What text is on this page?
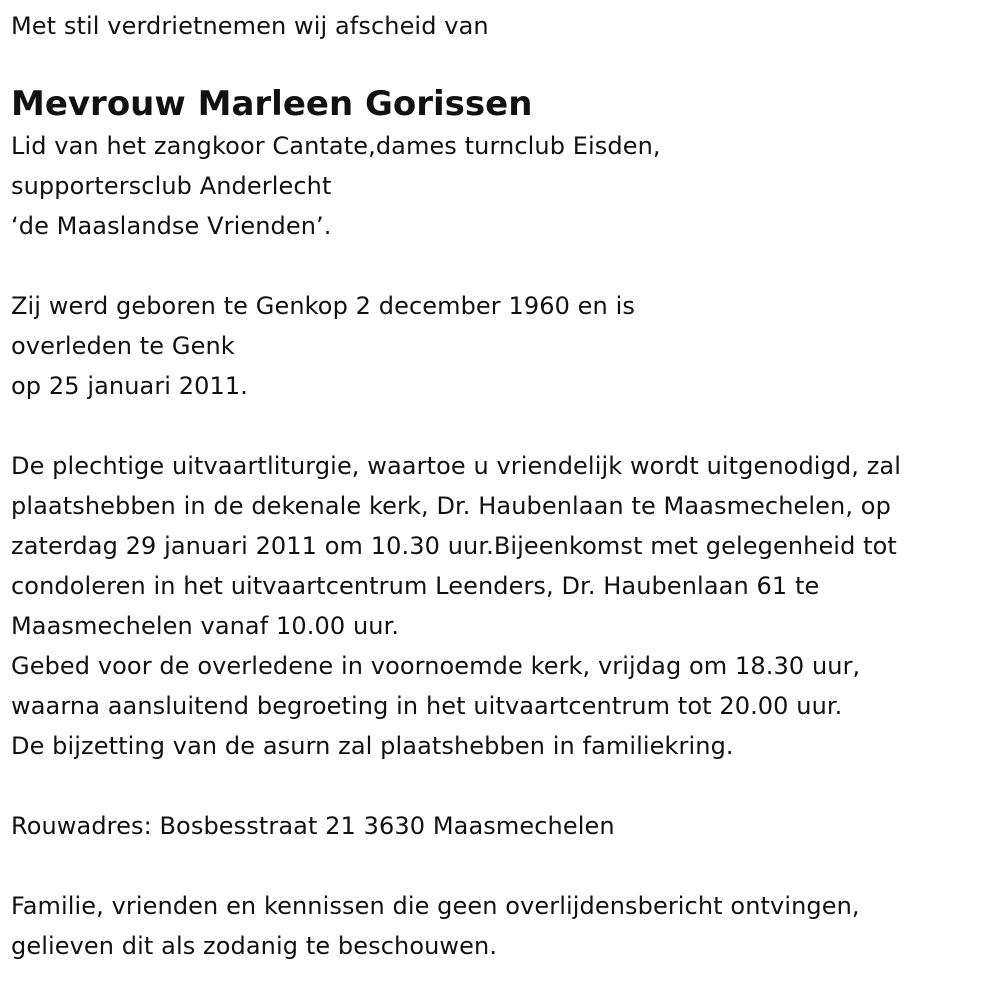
Met stil verdrietnemen wij afscheid van
Mevrouw Marleen Gorissen
Lid van het zangkoor Cantate,dames turnclub Eisden,
supportersclub Anderlecht
‘de Maaslandse Vrienden’.
Zij werd geboren te Genkop 2 december 1960 en is
overleden te Genk
op 25 januari 2011.
De plechtige uitvaartliturgie, waartoe u vriendelijk wordt uitgenodigd, zal
plaatshebben in de dekenale kerk, Dr. Haubenlaan te Maasmechelen, op
zaterdag 29 januari 2011 om 10.30 uur.Bijeenkomst met gelegenheid tot
condoleren in het uitvaartcentrum Leenders, Dr. Haubenlaan 61 te
Maasmechelen vanaf 10.00 uur.
Gebed voor de overledene in voornoemde kerk, vrijdag om 18.30 uur,
waarna aansluitend begroeting in het uitvaartcentrum tot 20.00 uur.
De bijzetting van de asurn zal plaatshebben in familiekring.
Rouwadres: Bosbesstraat 21 3630 Maasmechelen
Familie, vrienden en kennissen die geen overlijdensbericht ontvingen,
gelieven dit als zodanig te beschouwen.
